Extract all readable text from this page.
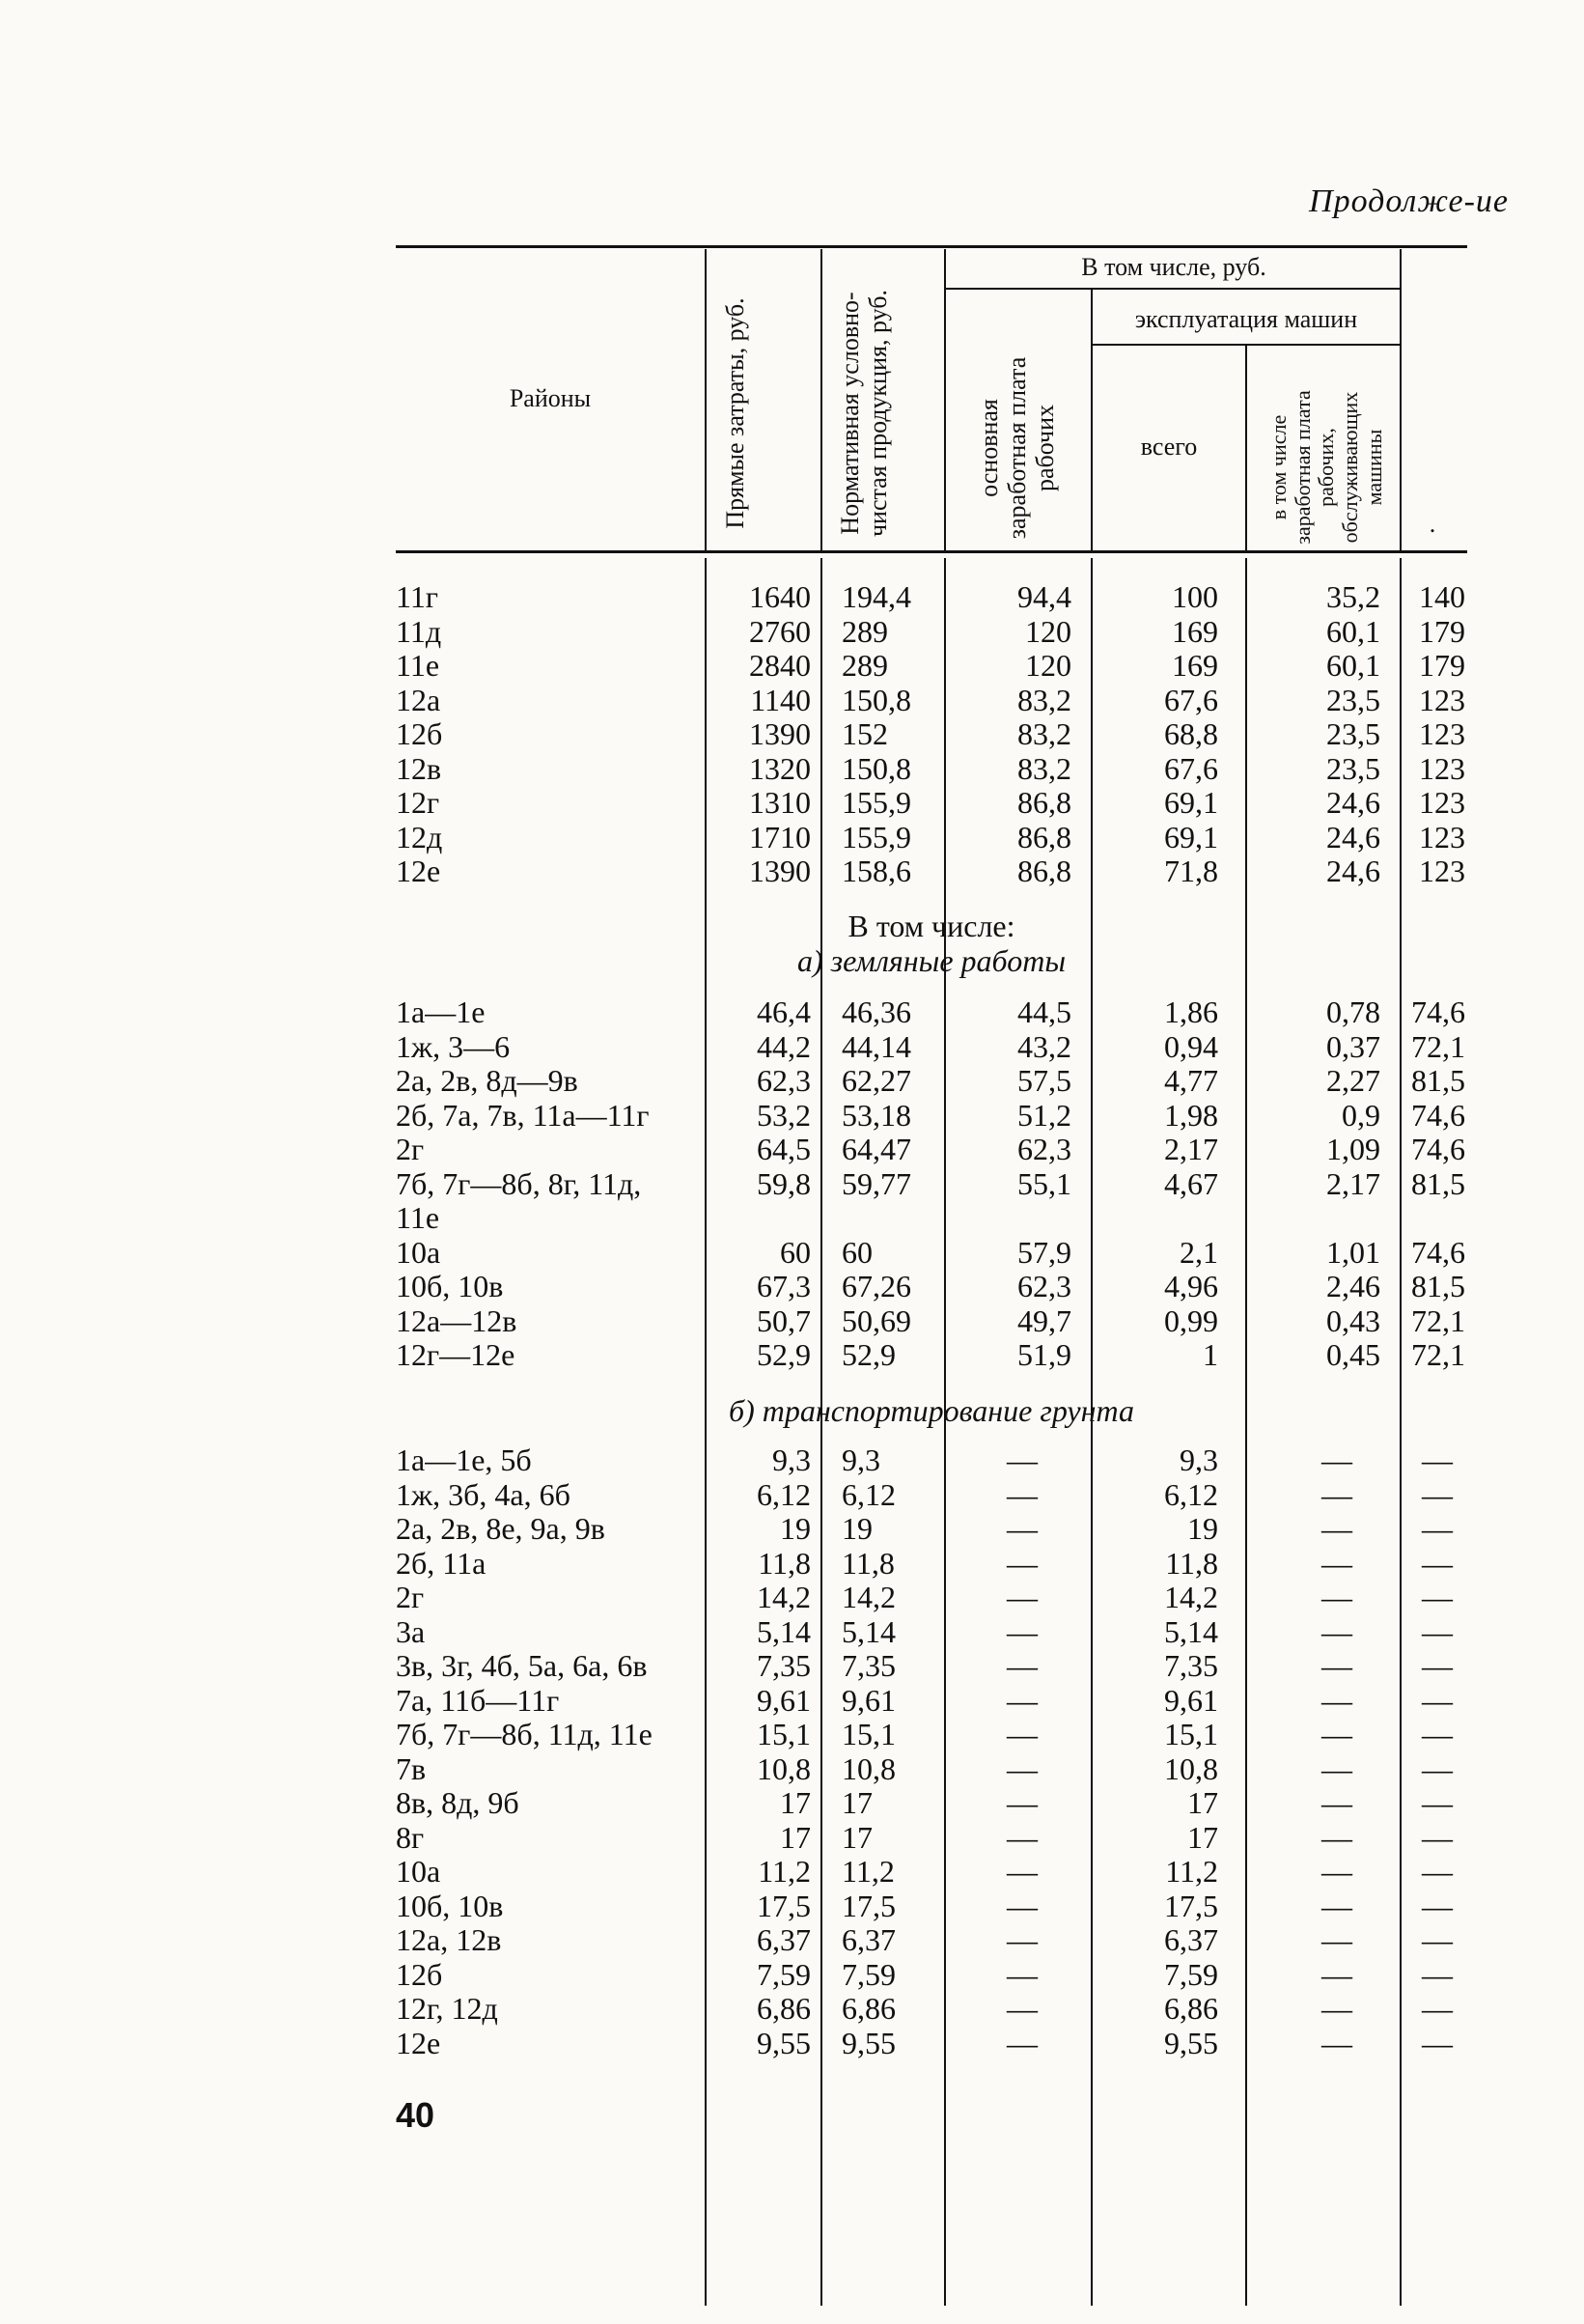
Продолже-ие
Районы	Прямые затраты, руб.	Нормативная условно-чистая продукция, руб.
В том числе, руб.
основная заработная плата рабочих
эксплуатация машин
всего	в том числе заработная плата рабочих, обслуживающих машины
.
11г	1640 194,4	94,4	100	35,2	140
11д	2760 289	120	169	60,1	179
11е	2840 289	120	169	60,1	179
12а	1140 150,8	83,2	67,6	23,5	123
12б	1390 152	83,2	68,8	23,5	123
12в	1320 150,8	83,2	67,6	23,5	123
12г	1310 155,9	86,8	69,1	24,6	123
12д	1710 155,9	86,8	69,1	24,6	123
12е	1390 158,6	86,8	71,8	24,6	123
В том числе:
а) земляные работы
1а—1е	46,4 46,36	44,5	1,86	0,78 74,6
1ж, 3—6	44,2 44,14	43,2	0,94	0,37 72,1
2а, 2в, 8д—9в	62,3 62,27	57,5	4,77	2,27 81,5
2б, 7а, 7в, 11а—11г	53,2 53,18	51,2	1,98	0,9 74,6
2г	64,5 64,47	62,3	2,17	1,09 74,6
7б, 7г—8б, 8г, 11д,	59,8 59,77	55,1	4,67	2,17 81,5
11е
10а	60 60	57,9	2,1	1,01 74,6
10б, 10в	67,3 67,26	62,3	4,96	2,46 81,5
12а—12в	50,7 50,69	49,7	0,99	0,43 72,1
12г—12е	52,9 52,9	51,9	1	0,45 72,1
б) транспортирование грунта
1а—1е, 5б	9,3 9,3	—	9,3	—	—
1ж, 3б, 4а, 6б	6,12 6,12	—	6,12	—	—
2а, 2в, 8е, 9а, 9в	19 19	—	19	—	—
2б, 11а	11,8 11,8	—	11,8	—	—
2г	14,2 14,2	—	14,2	—	—
3а	5,14 5,14	—	5,14	—	—
3в, 3г, 4б, 5а, 6а, 6в	7,35 7,35	—	7,35	—	—
7а, 11б—11г	9,61 9,61	—	9,61	—	—
7б, 7г—8б, 11д, 11е	15,1 15,1	—	15,1	—	—
7в	10,8 10,8	—	10,8	—	—
8в, 8д, 9б	17 17	—	17	—	—
8г	17 17	—	17	—	—
10а	11,2 11,2	—	11,2	—	—
10б, 10в	17,5 17,5	—	17,5	—	—
12а, 12в	6,37 6,37	—	6,37	—	—
12б	7,59 7,59	—	7,59	—	—
12г, 12д	6,86 6,86	—	6,86	—	—
12е	9,55 9,55	—	9,55	—	—
40
